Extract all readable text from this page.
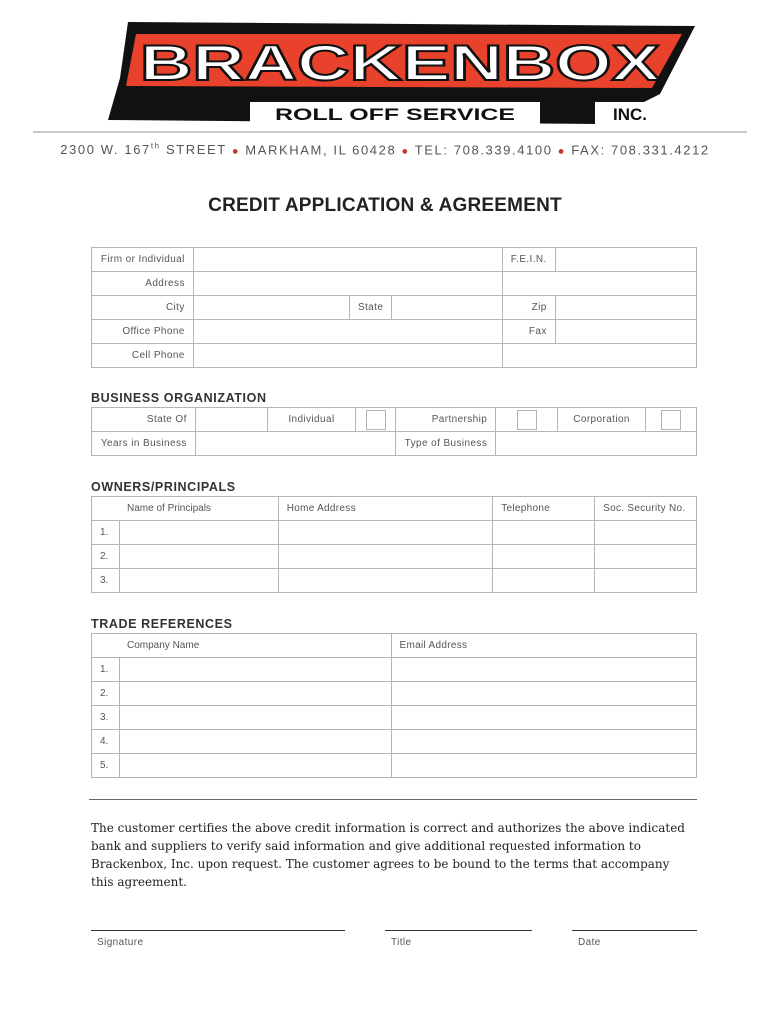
BRACKENBOX
ROLL OFF SERVICE	INC.
2300 W. 167th STREET ● MARKHAM, IL 60428 ● TEL: 708.339.4100 ● FAX: 708.331.4212
CREDIT APPLICATION & AGREEMENT
Firm or Individual				F.E.I.N.	
Address					
City		State		Zip	
Office Phone				Fax	
Cell Phone					
BUSINESS ORGANIZATION
State Of		Individual		Partnership		Corporation	
Years in Business				Type of Business			
OWNERS/PRINCIPALS
Name of Principals		Home Address	Telephone	Soc. Security No.
1.				
2.				
3.				
TRADE REFERENCES
Company Name		Email Address
1.		
2.		
3.		
4.		
5.		
The customer certifies the above credit information is correct and authorizes the above indicated bank and suppliers to verify said information and give additional requested information to Brackenbox, Inc. upon request. The customer agrees to be bound to the terms that accompany this agreement.
Signature	Title	Date
